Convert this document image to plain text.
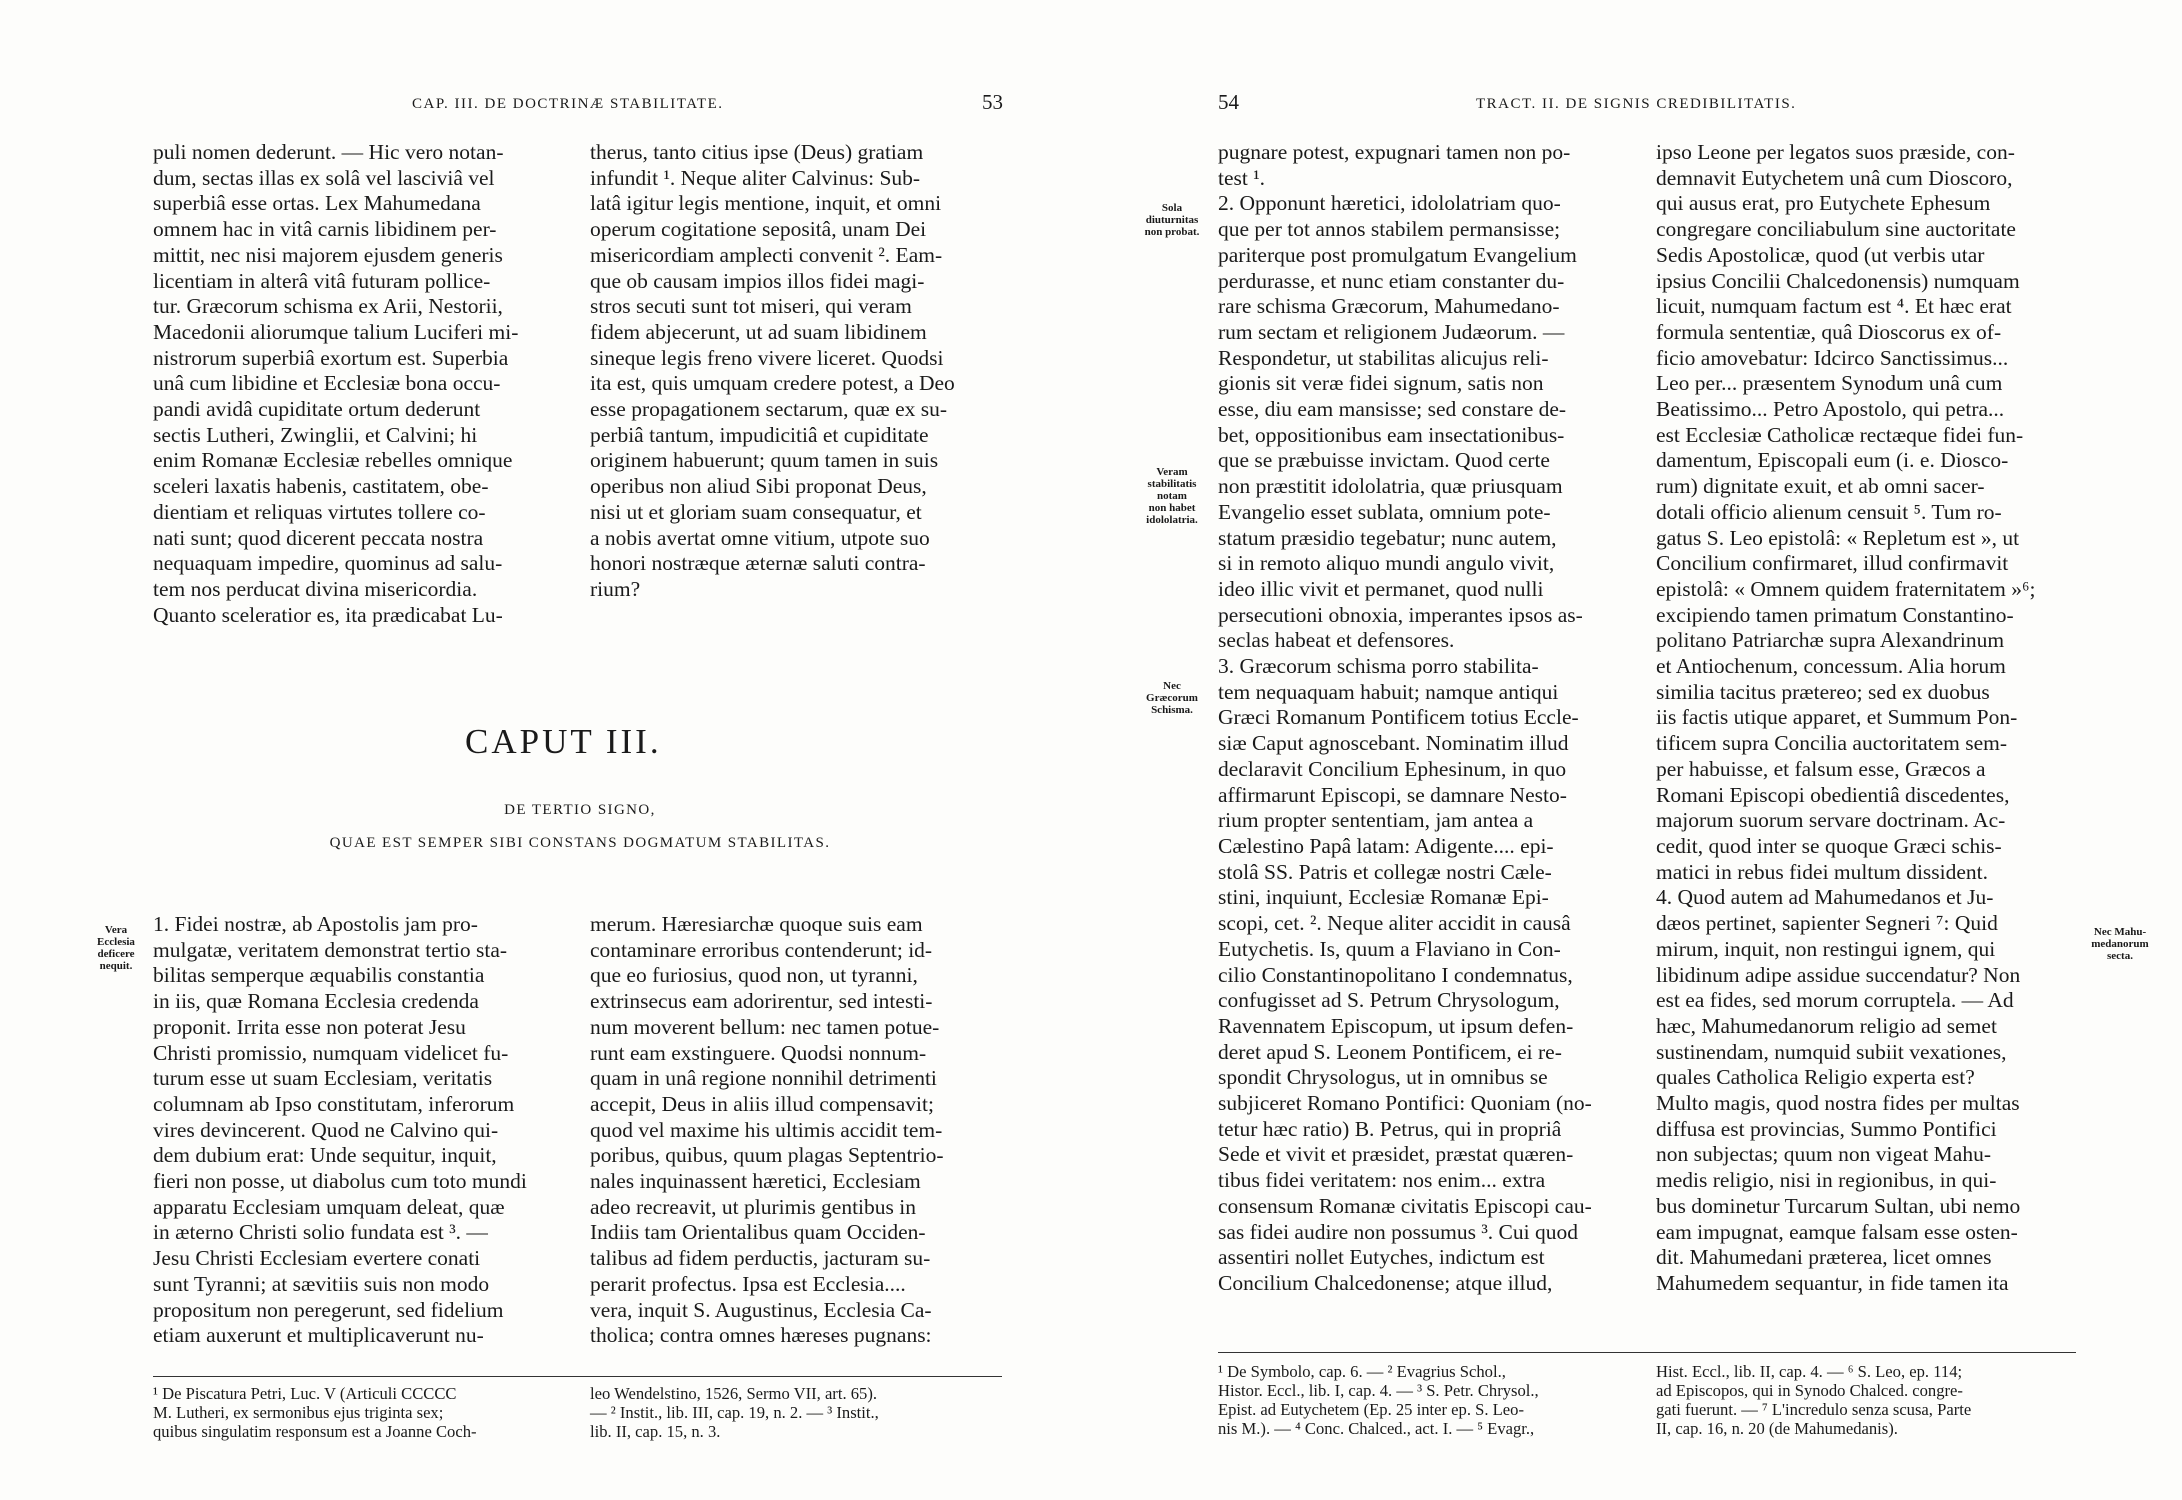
CAP. III. DE DOCTRINÆ STABILITATE.	53

puli nomen dederunt. — Hic vero notan-

dum, sectas illas ex solâ vel lasciviâ vel

superbiâ esse ortas. Lex Mahumedana

omnem hac in vitâ carnis libidinem per-

mittit, nec nisi majorem ejusdem generis

licentiam in alterâ vitâ futuram pollice-

tur. Græcorum schisma ex Arii, Nestorii,

Macedonii aliorumque talium Luciferi mi-

nistrorum superbiâ exortum est. Superbia

unâ cum libidine et Ecclesiæ bona occu-

pandi avidâ cupiditate ortum dederunt

sectis Lutheri, Zwinglii, et Calvini; hi

enim Romanæ Ecclesiæ rebelles omnique

sceleri laxatis habenis, castitatem, obe-

dientiam et reliquas virtutes tollere co-

nati sunt; quod dicerent peccata nostra

nequaquam impedire, quominus ad salu-

tem nos perducat divina misericordia.

Quanto sceleratior es, ita prædicabat Lu-

therus, tanto citius ipse (Deus) gratiam

infundit ¹. Neque aliter Calvinus: Sub-

latâ igitur legis mentione, inquit, et omni

operum cogitatione sepositâ, unam Dei

misericordiam amplecti convenit ². Eam-

que ob causam impios illos fidei magi-

stros secuti sunt tot miseri, qui veram

fidem abjecerunt, ut ad suam libidinem

sineque legis freno vivere liceret. Quodsi

ita est, quis umquam credere potest, a Deo

esse propagationem sectarum, quæ ex su-

perbiâ tantum, impudicitiâ et cupiditate

originem habuerunt; quum tamen in suis

operibus non aliud Sibi proponat Deus,

nisi ut et gloriam suam consequatur, et

a nobis avertat omne vitium, utpote suo

honori nostræque æternæ saluti contra-

rium?

CAPUT III.
DE TERTIO SIGNO,
QUAE EST SEMPER SIBI CONSTANS DOGMATUM STABILITAS.
Vera
Ecclesia
deficere
nequit.

1. Fidei nostræ, ab Apostolis jam pro-

mulgatæ, veritatem demonstrat tertio sta-

bilitas semperque æquabilis constantia

in iis, quæ Romana Ecclesia credenda

proponit. Irrita esse non poterat Jesu

Christi promissio, numquam videlicet fu-

turum esse ut suam Ecclesiam, veritatis

columnam ab Ipso constitutam, inferorum

vires devincerent. Quod ne Calvino qui-

dem dubium erat: Unde sequitur, inquit,

fieri non posse, ut diabolus cum toto mundi

apparatu Ecclesiam umquam deleat, quæ

in æterno Christi solio fundata est ³. —

Jesu Christi Ecclesiam evertere conati

sunt Tyranni; at sævitiis suis non modo

propositum non peregerunt, sed fidelium

etiam auxerunt et multiplicaverunt nu-

merum. Hæresiarchæ quoque suis eam

contaminare erroribus contenderunt; id-

que eo furiosius, quod non, ut tyranni,

extrinsecus eam adorirentur, sed intesti-

num moverent bellum: nec tamen potue-

runt eam exstinguere. Quodsi nonnum-

quam in unâ regione nonnihil detrimenti

accepit, Deus in aliis illud compensavit;

quod vel maxime his ultimis accidit tem-

poribus, quibus, quum plagas Septentrio-

nales inquinassent hæretici, Ecclesiam

adeo recreavit, ut plurimis gentibus in

Indiis tam Orientalibus quam Occiden-

talibus ad fidem perductis, jacturam su-

perarit profectus. Ipsa est Ecclesia....

vera, inquit S. Augustinus, Ecclesia Ca-

tholica; contra omnes hæreses pugnans:

¹ De Piscatura Petri, Luc. V (Articuli CCCCC

M. Lutheri, ex sermonibus ejus triginta sex;

quibus singulatim responsum est a Joanne Coch-

leo Wendelstino, 1526, Sermo VII, art. 65).

— ² Instit., lib. III, cap. 19, n. 2. — ³ Instit.,

lib. II, cap. 15, n. 3.

54	TRACT. II. DE SIGNIS CREDIBILITATIS.
Sola
diuturnitas
non probat.
Veram
stabilitatis
notam
non habet
idololatria.
Nec
Græcorum
Schisma.
Nec Mahu-
medanorum
secta.

pugnare potest, expugnari tamen non po-

test ¹.

2. Opponunt hæretici, idololatriam quo-

que per tot annos stabilem permansisse;

pariterque post promulgatum Evangelium

perdurasse, et nunc etiam constanter du-

rare schisma Græcorum, Mahumedano-

rum sectam et religionem Judæorum. —

Respondetur, ut stabilitas alicujus reli-

gionis sit veræ fidei signum, satis non

esse, diu eam mansisse; sed constare de-

bet, oppositionibus eam insectationibus-

que se præbuisse invictam. Quod certe

non præstitit idololatria, quæ priusquam

Evangelio esset sublata, omnium pote-

statum præsidio tegebatur; nunc autem,

si in remoto aliquo mundi angulo vivit,

ideo illic vivit et permanet, quod nulli

persecutioni obnoxia, imperantes ipsos as-

seclas habeat et defensores.

3. Græcorum schisma porro stabilita-

tem nequaquam habuit; namque antiqui

Græci Romanum Pontificem totius Eccle-

siæ Caput agnoscebant. Nominatim illud

declaravit Concilium Ephesinum, in quo

affirmarunt Episcopi, se damnare Nesto-

rium propter sententiam, jam antea a

Cælestino Papâ latam: Adigente.... epi-

stolâ SS. Patris et collegæ nostri Cæle-

stini, inquiunt, Ecclesiæ Romanæ Epi-

scopi, cet. ². Neque aliter accidit in causâ

Eutychetis. Is, quum a Flaviano in Con-

cilio Constantinopolitano I condemnatus,

confugisset ad S. Petrum Chrysologum,

Ravennatem Episcopum, ut ipsum defen-

deret apud S. Leonem Pontificem, ei re-

spondit Chrysologus, ut in omnibus se

subjiceret Romano Pontifici: Quoniam (no-

tetur hæc ratio) B. Petrus, qui in propriâ

Sede et vivit et præsidet, præstat quæren-

tibus fidei veritatem: nos enim... extra

consensum Romanæ civitatis Episcopi cau-

sas fidei audire non possumus ³. Cui quod

assentiri nollet Eutyches, indictum est

Concilium Chalcedonense; atque illud,

ipso Leone per legatos suos præside, con-

demnavit Eutychetem unâ cum Dioscoro,

qui ausus erat, pro Eutychete Ephesum

congregare conciliabulum sine auctoritate

Sedis Apostolicæ, quod (ut verbis utar

ipsius Concilii Chalcedonensis) numquam

licuit, numquam factum est ⁴. Et hæc erat

formula sententiæ, quâ Dioscorus ex of-

ficio amovebatur: Idcirco Sanctissimus...

Leo per... præsentem Synodum unâ cum

Beatissimo... Petro Apostolo, qui petra...

est Ecclesiæ Catholicæ rectæque fidei fun-

damentum, Episcopali eum (i. e. Diosco-

rum) dignitate exuit, et ab omni sacer-

dotali officio alienum censuit ⁵. Tum ro-

gatus S. Leo epistolâ: « Repletum est », ut

Concilium confirmaret, illud confirmavit

epistolâ: « Omnem quidem fraternitatem »⁶;

excipiendo tamen primatum Constantino-

politano Patriarchæ supra Alexandrinum

et Antiochenum, concessum. Alia horum

similia tacitus prætereo; sed ex duobus

iis factis utique apparet, et Summum Pon-

tificem supra Concilia auctoritatem sem-

per habuisse, et falsum esse, Græcos a

Romani Episcopi obedientiâ discedentes,

majorum suorum servare doctrinam. Ac-

cedit, quod inter se quoque Græci schis-

matici in rebus fidei multum dissident.

4. Quod autem ad Mahumedanos et Ju-

dæos pertinet, sapienter Segneri ⁷: Quid

mirum, inquit, non restingui ignem, qui

libidinum adipe assidue succendatur? Non

est ea fides, sed morum corruptela. — Ad

hæc, Mahumedanorum religio ad semet

sustinendam, numquid subiit vexationes,

quales Catholica Religio experta est?

Multo magis, quod nostra fides per multas

diffusa est provincias, Summo Pontifici

non subjectas; quum non vigeat Mahu-

medis religio, nisi in regionibus, in qui-

bus dominetur Turcarum Sultan, ubi nemo

eam impugnat, eamque falsam esse osten-

dit. Mahumedani præterea, licet omnes

Mahumedem sequantur, in fide tamen ita

¹ De Symbolo, cap. 6. — ² Evagrius Schol.,

Histor. Eccl., lib. I, cap. 4. — ³ S. Petr. Chrysol.,

Epist. ad Eutychetem (Ep. 25 inter ep. S. Leo-

nis M.). — ⁴ Conc. Chalced., act. I. — ⁵ Evagr.,

Hist. Eccl., lib. II, cap. 4. — ⁶ S. Leo, ep. 114;

ad Episcopos, qui in Synodo Chalced. congre-

gati fuerunt. — ⁷ L'incredulo senza scusa, Parte

II, cap. 16, n. 20 (de Mahumedanis).
